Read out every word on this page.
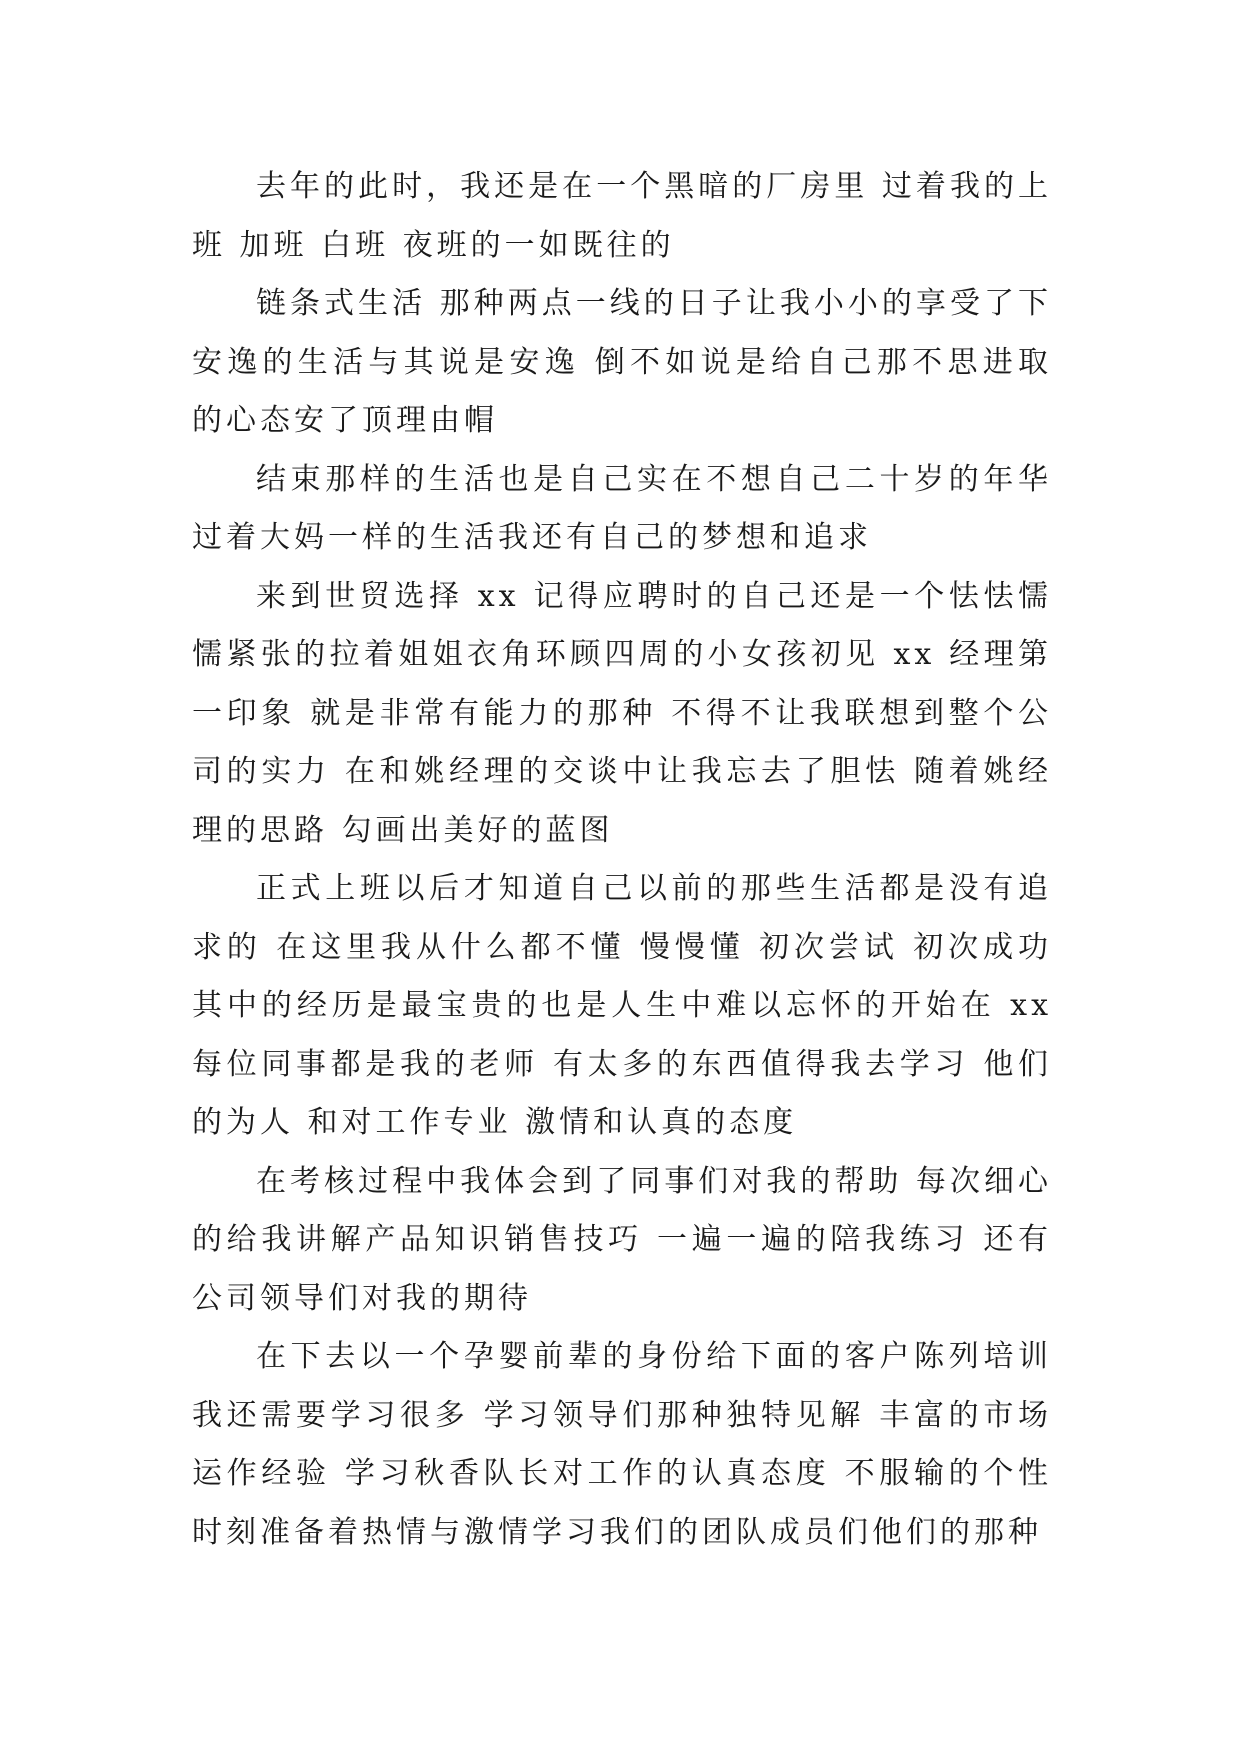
去年的此时，我还是在一个黑暗的厂房里 过着我的上班 加班 白班 夜班的一如既往的

链条式生活 那种两点一线的日子让我小小的享受了下安逸的生活与其说是安逸 倒不如说是给自己那不思进取的心态安了顶理由帽

结束那样的生活也是自己实在不想自己二十岁的年华过着大妈一样的生活我还有自己的梦想和追求

来到世贸选择 xx 记得应聘时的自己还是一个怯怯懦懦紧张的拉着姐姐衣角环顾四周的小女孩初见 xx 经理第一印象 就是非常有能力的那种 不得不让我联想到整个公司的实力 在和姚经理的交谈中让我忘去了胆怯 随着姚经理的思路 勾画出美好的蓝图

正式上班以后才知道自己以前的那些生活都是没有追求的 在这里我从什么都不懂 慢慢懂 初次尝试 初次成功其中的经历是最宝贵的也是人生中难以忘怀的开始在 xx 每位同事都是我的老师 有太多的东西值得我去学习 他们的为人 和对工作专业 激情和认真的态度

在考核过程中我体会到了同事们对我的帮助 每次细心的给我讲解产品知识销售技巧 一遍一遍的陪我练习 还有公司领导们对我的期待

在下去以一个孕婴前辈的身份给下面的客户陈列培训我还需要学习很多 学习领导们那种独特见解 丰富的市场运作经验 学习秋香队长对工作的认真态度 不服输的个性时刻准备着热情与激情学习我们的团队成员们他们的那种
